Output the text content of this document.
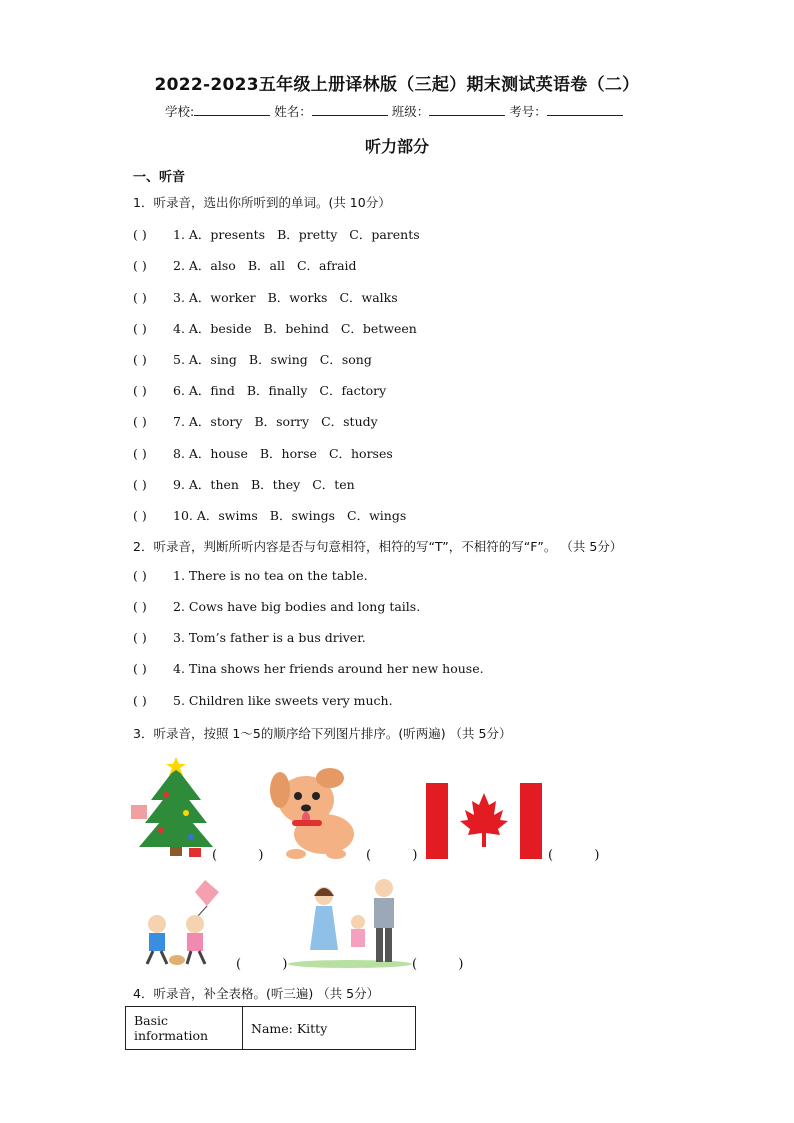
2022-2023五年级上册译林版（三起）期末测试英语卷（二）
学校:	姓名：	班级：	考号：
听力部分
一、听音
1．听录音，选出你所听到的单词。(共 10分）
( ) 1. A．presents B．pretty C．parents
( ) 2. A．also B．all C．afraid
( ) 3. A．worker B．works C．walks
( ) 4. A．beside B．behind C．between
( ) 5. A．sing B．swing C．song
( ) 6. A．find B．finally C．factory
( ) 7. A．story B．sorry C．study
( ) 8. A．house B．horse C．horses
( ) 9. A．then B．they C．ten
( ) 10. A．swims B．swings C．wings
2．听录音，判断所听内容是否与句意相符，相符的写“T”，不相符的写“F”。 （共 5分）
( ) 1. There is no tea on the table.
( ) 2. Cows have big bodies and long tails.
( ) 3. Tom’s father is a bus driver.
( ) 4. Tina shows her friends around her new house.
( ) 5. Children like sweets very much.
3．听录音，按照 1～5的顺序给下列图片排序。(听两遍) （共 5分）
(          )	(          )	(          )
(          )	(          )
4．听录音，补全表格。(听三遍) （共 5分）
Basic information	Name: Kitty
